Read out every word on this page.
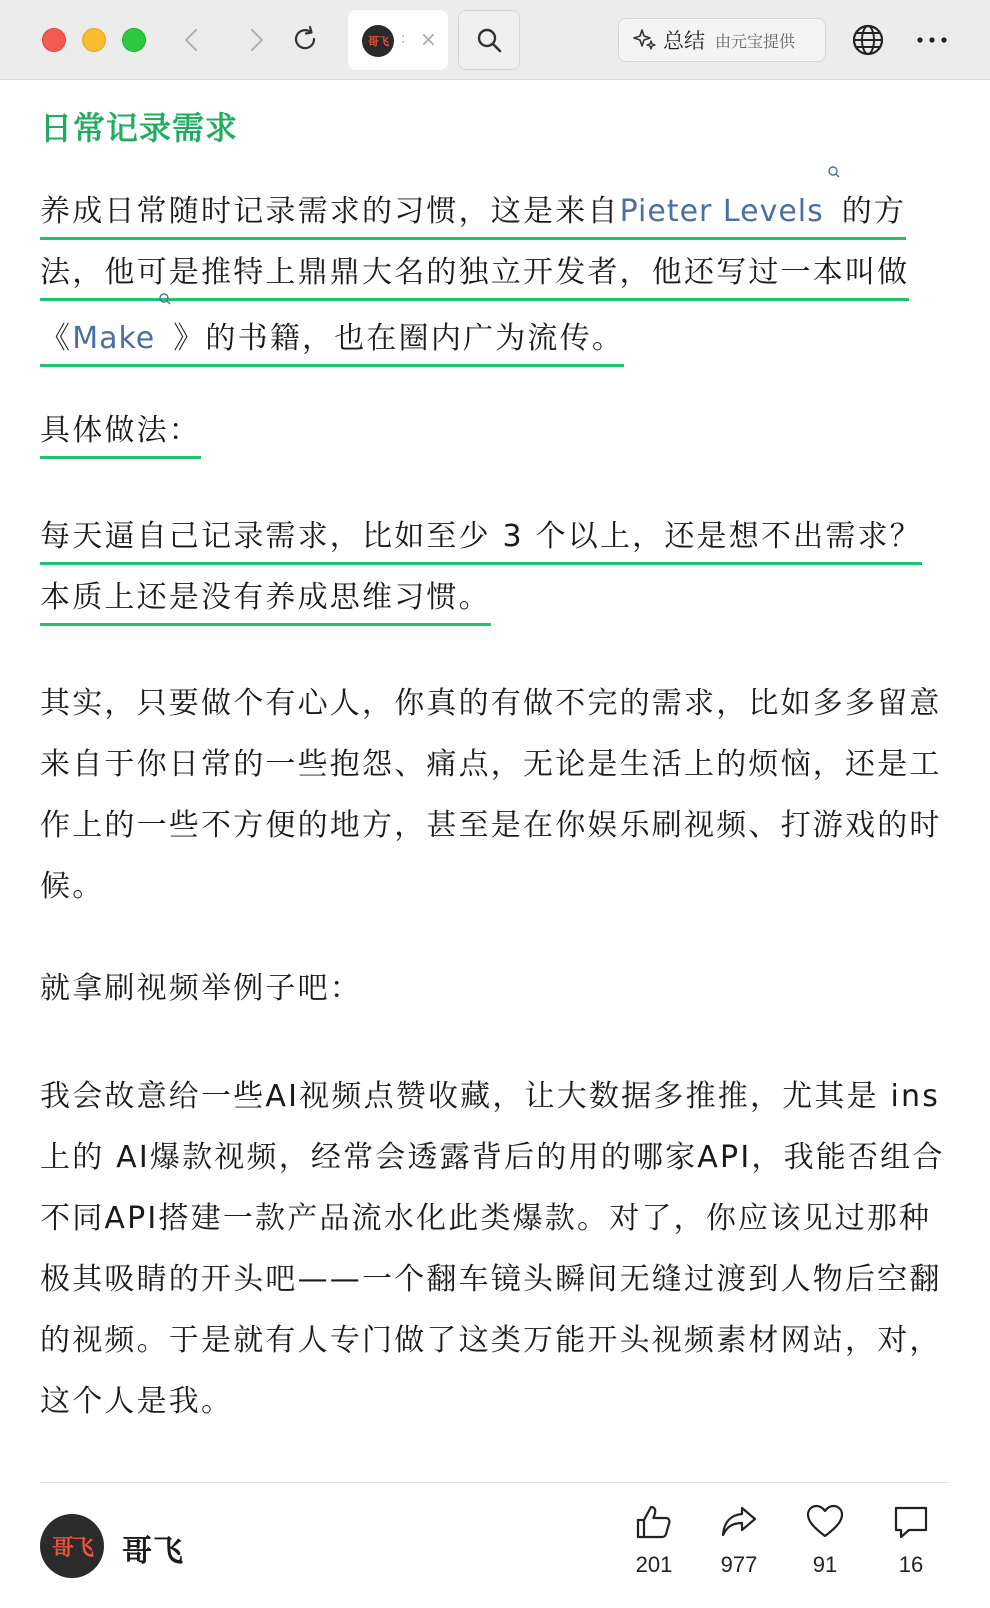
哥飞 ： ×	总结 由元宝提供
日常记录需求
养成日常随时记录需求的习惯，这是来自Pieter Levels 的方法，他可是推特上鼎鼎大名的独立开发者，他还写过一本叫做《Make 》的书籍，也在圈内广为流传。
具体做法：
每天逼自己记录需求，比如至少 3 个以上，还是想不出需求？本质上还是没有养成思维习惯。
其实，只要做个有心人，你真的有做不完的需求，比如多多留意来自于你日常的一些抱怨、痛点，无论是生活上的烦恼，还是工作上的一些不方便的地方，甚至是在你娱乐刷视频、打游戏的时候。
就拿刷视频举例子吧：
我会故意给一些AI视频点赞收藏，让大数据多推推，尤其是 ins 上的 AI爆款视频，经常会透露背后的用的哪家API，我能否组合不同API搭建一款产品流水化此类爆款。对了，你应该见过那种极其吸睛的开头吧——一个翻车镜头瞬间无缝过渡到人物后空翻的视频。于是就有人专门做了这类万能开头视频素材网站，对，这个人是我。
哥飞	哥飞	201	977	91	16
